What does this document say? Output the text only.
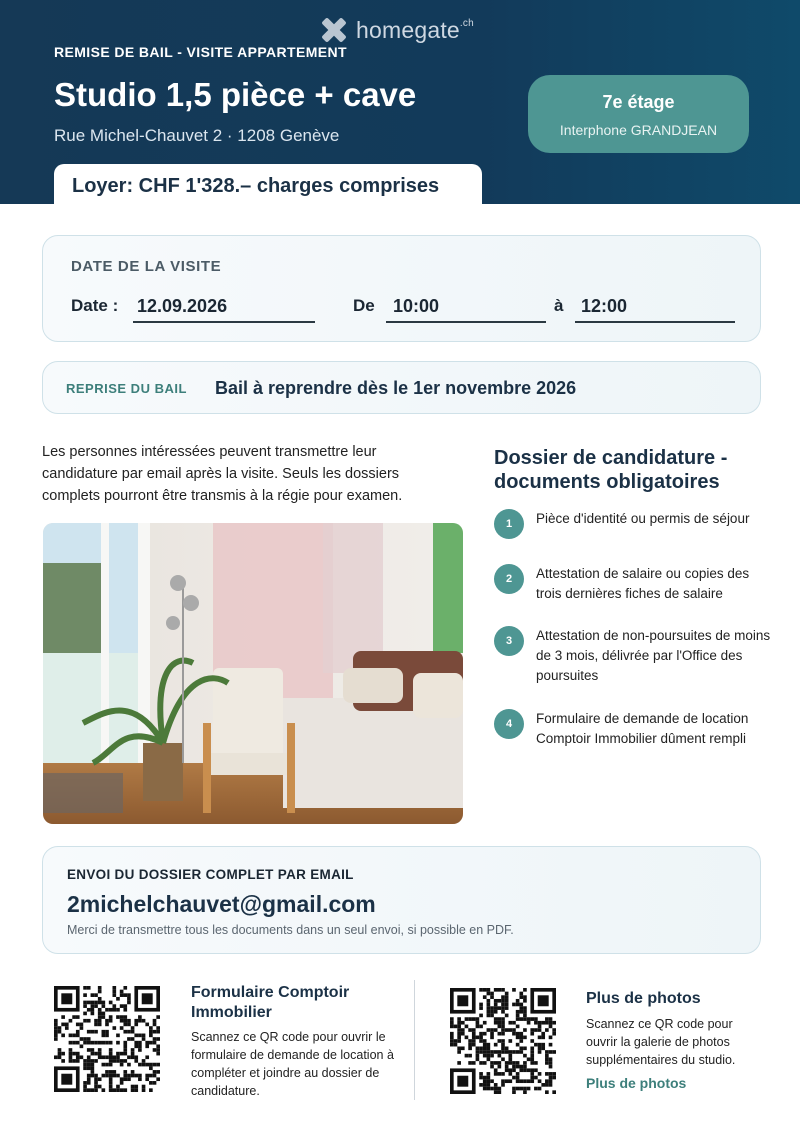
homegate$^{.ch}$
REMISE DE BAIL - VISITE APPARTEMENT
Studio 1,5 pièce + cave
Rue Michel-Chauvet 2 · 1208 Genève
7e étage
Interphone GRANDJEAN
Loyer: CHF 1'328.– charges comprises
DATE DE LA VISITE
Date : 12.09.2026	De 10:00	à 12:00
REPRISE DU BAIL Bail à reprendre dès le 1er novembre 2026
Les personnes intéressées peuvent transmettre leur candidature par email après la visite. Seuls les dossiers complets pourront être transmis à la régie pour examen.
Dossier de candidature - documents obligatoires
1	Pièce d'identité ou permis de séjour
2	Attestation de salaire ou copies des trois dernières fiches de salaire
3	Attestation de non-poursuites de moins de 3 mois, délivrée par l'Office des poursuites
4	Formulaire de demande de location Comptoir Immobilier dûment rempli
ENVOI DU DOSSIER COMPLET PAR EMAIL
2michelchauvet@gmail.com
Merci de transmettre tous les documents dans un seul envoi, si possible en PDF.
Formulaire Comptoir Immobilier
Scannez ce QR code pour ouvrir le formulaire de demande de location à compléter et joindre au dossier de candidature.
Plus de photos
Scannez ce QR code pour ouvrir la galerie de photos supplémentaires du studio.
Plus de photos
